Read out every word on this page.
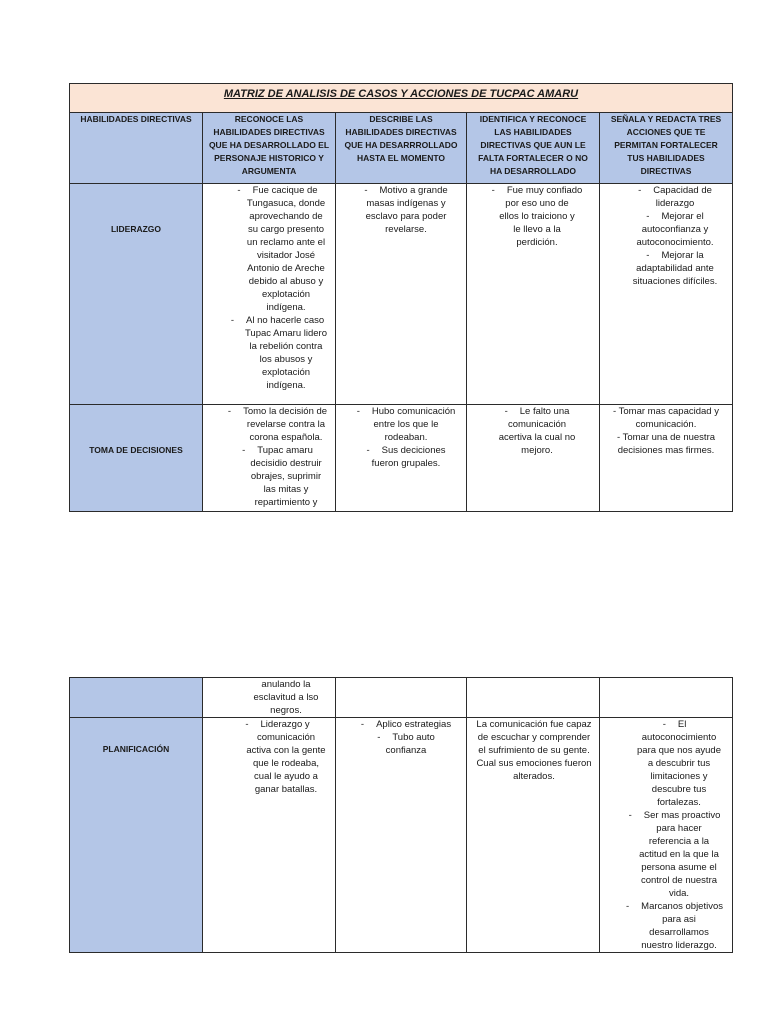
MATRIZ DE ANALISIS DE CASOS Y ACCIONES DE TUCPAC AMARU
HABILIDADES DIRECTIVAS	RECONOCE LAS
HABILIDADES DIRECTIVAS
QUE HA DESARROLLADO EL
PERSONAJE HISTORICO Y
ARGUMENTA
DESCRIBE LAS
HABILIDADES DIRECTIVAS
QUE HA DESARRROLLADO
HASTA EL MOMENTO
IDENTIFICA Y RECONOCE
LAS HABILIDADES
DIRECTIVAS QUE AUN LE
FALTA FORTALECER O NO
HA DESARROLLADO
SEÑALA Y REDACTA TRES
ACCIONES QUE TE
PERMITAN FORTALECER
TUS HABILIDADES
DIRECTIVAS
LIDERAZGO
- Fue cacique de
Tungasuca, donde
aprovechando de
su cargo presento
un reclamo ante el
visitador José
Antonio de Areche
debido al abuso y
explotación
indígena.
- Al no hacerle caso
Tupac Amaru lidero
la rebelión contra
los abusos y
explotación
indígena.
- Motivo a grande
masas indígenas y
esclavo para poder
revelarse.
- Fue muy confiado
por eso uno de
ellos lo traiciono y
le llevo a la
perdición.
- Capacidad de
liderazgo
- Mejorar el
autoconfianza y
autoconocimiento.
- Mejorar la
adaptabilidad ante
situaciones difíciles.
TOMA DE DECISIONES
- Tomo la decisión de
revelarse contra la
corona española.
- Tupac amaru
decisidio destruir
obrajes, suprimir
las mitas y
repartimiento y
- Hubo comunicación
entre los que le
rodeaban.
- Sus deciciones
fueron grupales.
- Le falto una
comunicación
acertiva la cual no
mejoro.
- Tomar mas capacidad y
comunicación.
- Tomar una de nuestra
decisiones mas firmes.
anulando la
esclavitud a lso
negros.
PLANIFICACIÓN
- Liderazgo y
comunicación
activa con la gente
que le rodeaba,
cual le ayudo a
ganar batallas.
- Aplico estrategias
- Tubo auto
confianza
La comunicación fue capaz
de escuchar y comprender
el sufrimiento de su gente.
Cual sus emociones fueron
alterados.
- El
autoconocimiento
para que nos ayude
a descubrir tus
limitaciones y
descubre tus
fortalezas.
- Ser mas proactivo
para hacer
referencia a la
actitud en la que la
persona asume el
control de nuestra
vida.
- Marcanos objetivos
para asi
desarrollamos
nuestro liderazgo.
